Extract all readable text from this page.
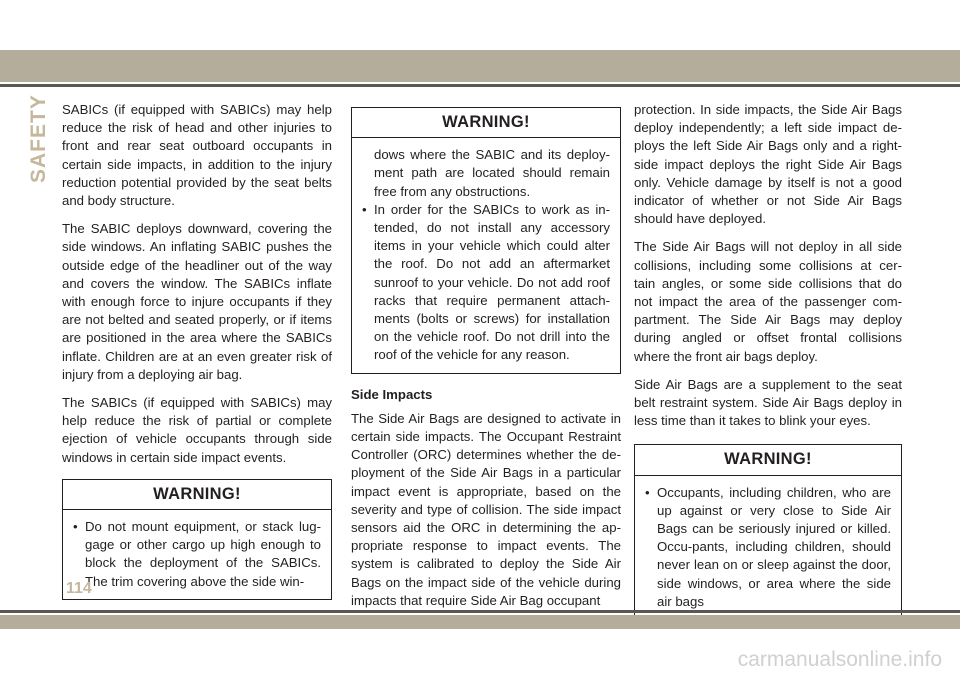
SAFETY SABICs (if equipped with SABICs) may help reduce the risk of head and other injuries to front and rear seat outboard occupants in certain side impacts, in addition to the injury reduction potential provided by the seat belts and body structure.

The SABIC deploys downward, covering the side windows. An inflating SABIC pushes the outside edge of the headliner out of the way and covers the window. The SABICs inflate with enough force to injure occupants if they are not belted and seated properly, or if items are positioned in the area where the SABICs inflate. Children are at an even greater risk of injury from a deploying air bag.

The SABICs (if equipped with SABICs) may help reduce the risk of partial or complete ejection of vehicle occupants through side windows in certain side impact events.

WARNING!
• Do not mount equipment, or stack lug-gage or other cargo up high enough to block the deployment of the SABICs. The trim covering above the side win-
WARNING!
dows where the SABIC and its deploy-ment path are located should remain free from any obstructions.
• In order for the SABICs to work as in-tended, do not install any accessory items in your vehicle which could alter the roof. Do not add an aftermarket sunroof to your vehicle. Do not add roof racks that require permanent attach-ments (bolts or screws) for installation on the vehicle roof. Do not drill into the roof of the vehicle for any reason.
Side Impacts

The Side Air Bags are designed to activate in certain side impacts. The Occupant Restraint Controller (ORC) determines whether the de-ployment of the Side Air Bags in a particular impact event is appropriate, based on the severity and type of collision. The side impact sensors aid the ORC in determining the ap-propriate response to impact events. The system is calibrated to deploy the Side Air Bags on the impact side of the vehicle during impacts that require Side Air Bag occupant

protection. In side impacts, the Side Air Bags deploy independently; a left side impact de-ploys the left Side Air Bags only and a right-side impact deploys the right Side Air Bags only. Vehicle damage by itself is not a good indicator of whether or not Side Air Bags should have deployed.

The Side Air Bags will not deploy in all side collisions, including some collisions at cer-tain angles, or some side collisions that do not impact the area of the passenger com-partment. The Side Air Bags may deploy during angled or offset frontal collisions where the front air bags deploy.

Side Air Bags are a supplement to the seat belt restraint system. Side Air Bags deploy in less time than it takes to blink your eyes.

WARNING!
• Occupants, including children, who are up against or very close to Side Air Bags can be seriously injured or killed. Occu-pants, including children, should never lean on or sleep against the door, side windows, or area where the side air bags
114
carmanualsonline.info
